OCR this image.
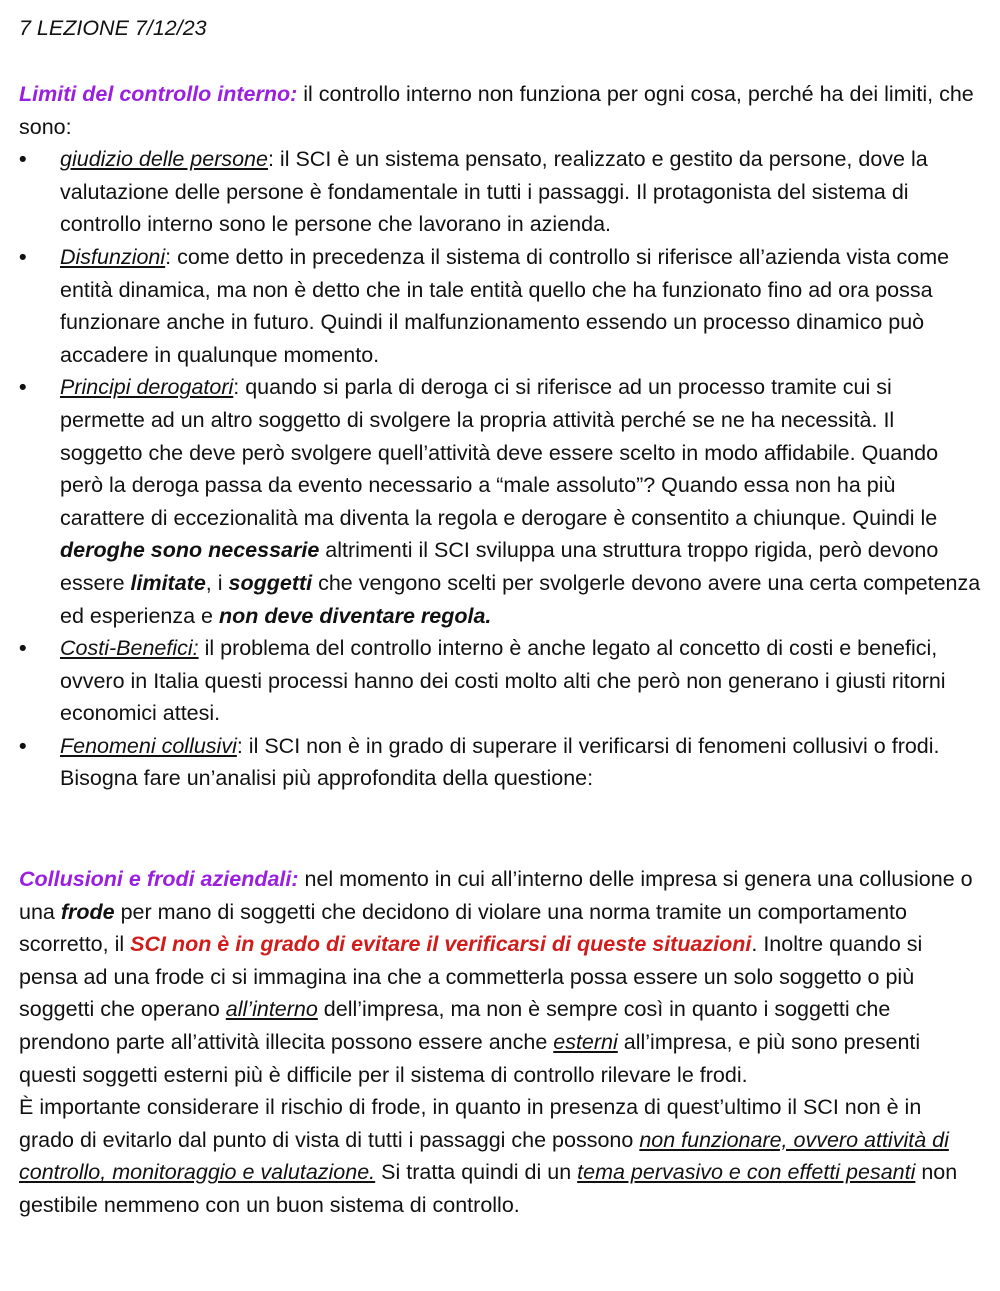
7 LEZIONE 7/12/23

Limiti del controllo interno: il controllo interno non funziona per ogni cosa, perché ha dei limiti, che sono:

• giudizio delle persone: il SCI è un sistema pensato, realizzato e gestito da persone, dove la valutazione delle persone è fondamentale in tutti i passaggi. Il protagonista del sistema di controllo interno sono le persone che lavorano in azienda.
• Disfunzioni: come detto in precedenza il sistema di controllo si riferisce all’azienda vista come entità dinamica, ma non è detto che in tale entità quello che ha funzionato fino ad ora possa funzionare anche in futuro. Quindi il malfunzionamento essendo un processo dinamico può accadere in qualunque momento.
• Principi derogatori: quando si parla di deroga ci si riferisce ad un processo tramite cui si permette ad un altro soggetto di svolgere la propria attività perché se ne ha necessità. Il soggetto che deve però svolgere quell’attività deve essere scelto in modo affidabile. Quando però la deroga passa da evento necessario a “male assoluto”? Quando essa non ha più carattere di eccezionalità ma diventa la regola e derogare è consentito a chiunque. Quindi le deroghe sono necessarie altrimenti il SCI sviluppa una struttura troppo rigida, però devono essere limitate, i soggetti che vengono scelti per svolgerle devono avere una certa competenza ed esperienza e non deve diventare regola.
• Costi-Benefici: il problema del controllo interno è anche legato al concetto di costi e benefici, ovvero in Italia questi processi hanno dei costi molto alti che però non generano i giusti ritorni economici attesi.
• Fenomeni collusivi: il SCI non è in grado di superare il verificarsi di fenomeni collusivi o frodi. Bisogna fare un’analisi più approfondita della questione:

Collusioni e frodi aziendali: nel momento in cui all’interno delle impresa si genera una collusione o una frode per mano di soggetti che decidono di violare una norma tramite un comportamento scorretto, il SCI non è in grado di evitare il verificarsi di queste situazioni. Inoltre quando si pensa ad una frode ci si immagina ina che a commetterla possa essere un solo soggetto o più soggetti che operano all’interno dell’impresa, ma non è sempre così in quanto i soggetti che prendono parte all’attività illecita possono essere anche esterni all’impresa, e più sono presenti questi soggetti esterni più è difficile per il sistema di controllo rilevare le frodi.

È importante considerare il rischio di frode, in quanto in presenza di quest’ultimo il SCI non è in grado di evitarlo dal punto di vista di tutti i passaggi che possono non funzionare, ovvero attività di controllo, monitoraggio e valutazione. Si tratta quindi di un tema pervasivo e con effetti pesanti non gestibile nemmeno con un buon sistema di controllo.
